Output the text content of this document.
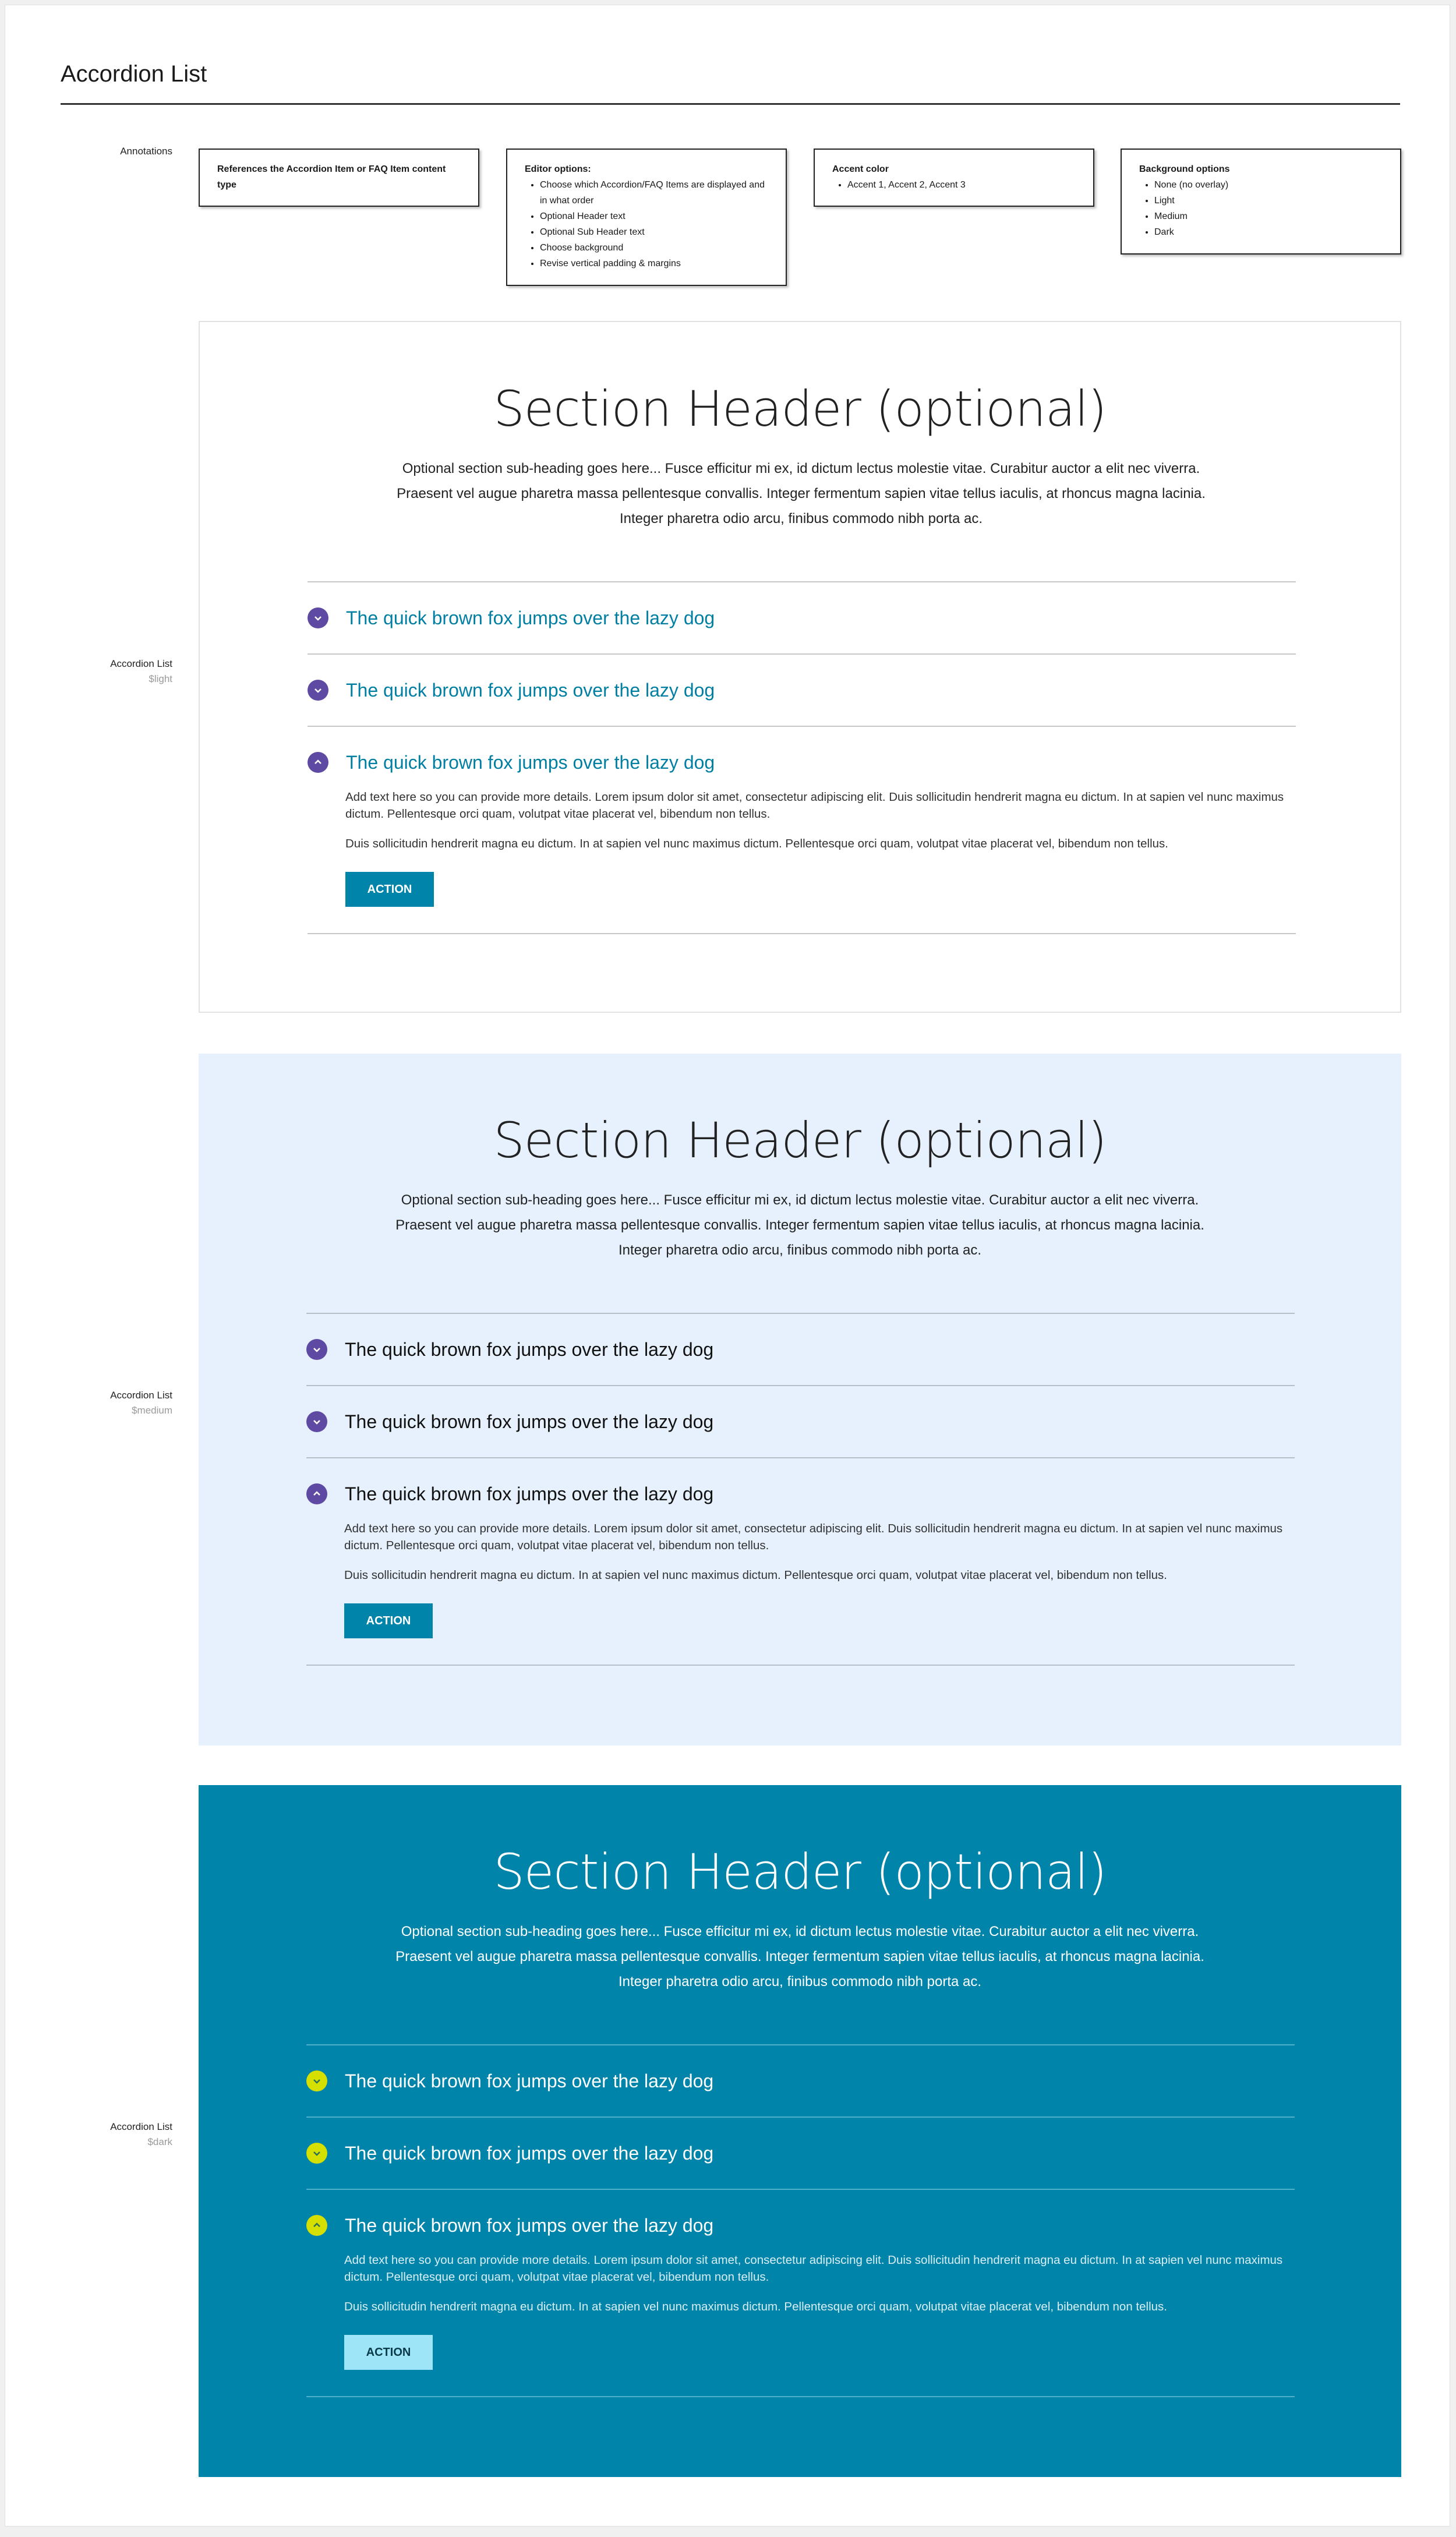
Accordion List
Annotations
References the Accordion Item or FAQ Item content type
Editor options:
• Choose which Accordion/FAQ Items are displayed and in what order
• Optional Header text
• Optional Sub Header text
• Choose background
• Revise vertical padding & margins
Accent color
• Accent 1, Accent 2, Accent 3
Background options
• None (no overlay)
• Light
• Medium
• Dark
Accordion List
$light
Section Header (optional)
Optional section sub-heading goes here... Fusce efficitur mi ex, id dictum lectus molestie vitae. Curabitur auctor a elit nec viverra. Praesent vel augue pharetra massa pellentesque convallis. Integer fermentum sapien vitae tellus iaculis, at rhoncus magna lacinia. Integer pharetra odio arcu, finibus commodo nibh porta ac.
The quick brown fox jumps over the lazy dog
The quick brown fox jumps over the lazy dog
The quick brown fox jumps over the lazy dog

Add text here so you can provide more details. Lorem ipsum dolor sit amet, consectetur adipiscing elit. Duis sollicitudin hendrerit magna eu dictum. In at sapien vel nunc maximus dictum. Pellentesque orci quam, volutpat vitae placerat vel, bibendum non tellus.

Duis sollicitudin hendrerit magna eu dictum. In at sapien vel nunc maximus dictum. Pellentesque orci quam, volutpat vitae placerat vel, bibendum non tellus.

ACTION
Accordion List
$medium
Section Header (optional)
Optional section sub-heading goes here... Fusce efficitur mi ex, id dictum lectus molestie vitae. Curabitur auctor a elit nec viverra. Praesent vel augue pharetra massa pellentesque convallis. Integer fermentum sapien vitae tellus iaculis, at rhoncus magna lacinia. Integer pharetra odio arcu, finibus commodo nibh porta ac.
The quick brown fox jumps over the lazy dog
The quick brown fox jumps over the lazy dog
The quick brown fox jumps over the lazy dog

Add text here so you can provide more details. Lorem ipsum dolor sit amet, consectetur adipiscing elit. Duis sollicitudin hendrerit magna eu dictum. In at sapien vel nunc maximus dictum. Pellentesque orci quam, volutpat vitae placerat vel, bibendum non tellus.

Duis sollicitudin hendrerit magna eu dictum. In at sapien vel nunc maximus dictum. Pellentesque orci quam, volutpat vitae placerat vel, bibendum non tellus.

ACTION
Accordion List
$dark
Section Header (optional)
Optional section sub-heading goes here... Fusce efficitur mi ex, id dictum lectus molestie vitae. Curabitur auctor a elit nec viverra. Praesent vel augue pharetra massa pellentesque convallis. Integer fermentum sapien vitae tellus iaculis, at rhoncus magna lacinia. Integer pharetra odio arcu, finibus commodo nibh porta ac.
The quick brown fox jumps over the lazy dog
The quick brown fox jumps over the lazy dog
The quick brown fox jumps over the lazy dog

Add text here so you can provide more details. Lorem ipsum dolor sit amet, consectetur adipiscing elit. Duis sollicitudin hendrerit magna eu dictum. In at sapien vel nunc maximus dictum. Pellentesque orci quam, volutpat vitae placerat vel, bibendum non tellus.

Duis sollicitudin hendrerit magna eu dictum. In at sapien vel nunc maximus dictum. Pellentesque orci quam, volutpat vitae placerat vel, bibendum non tellus.

ACTION
